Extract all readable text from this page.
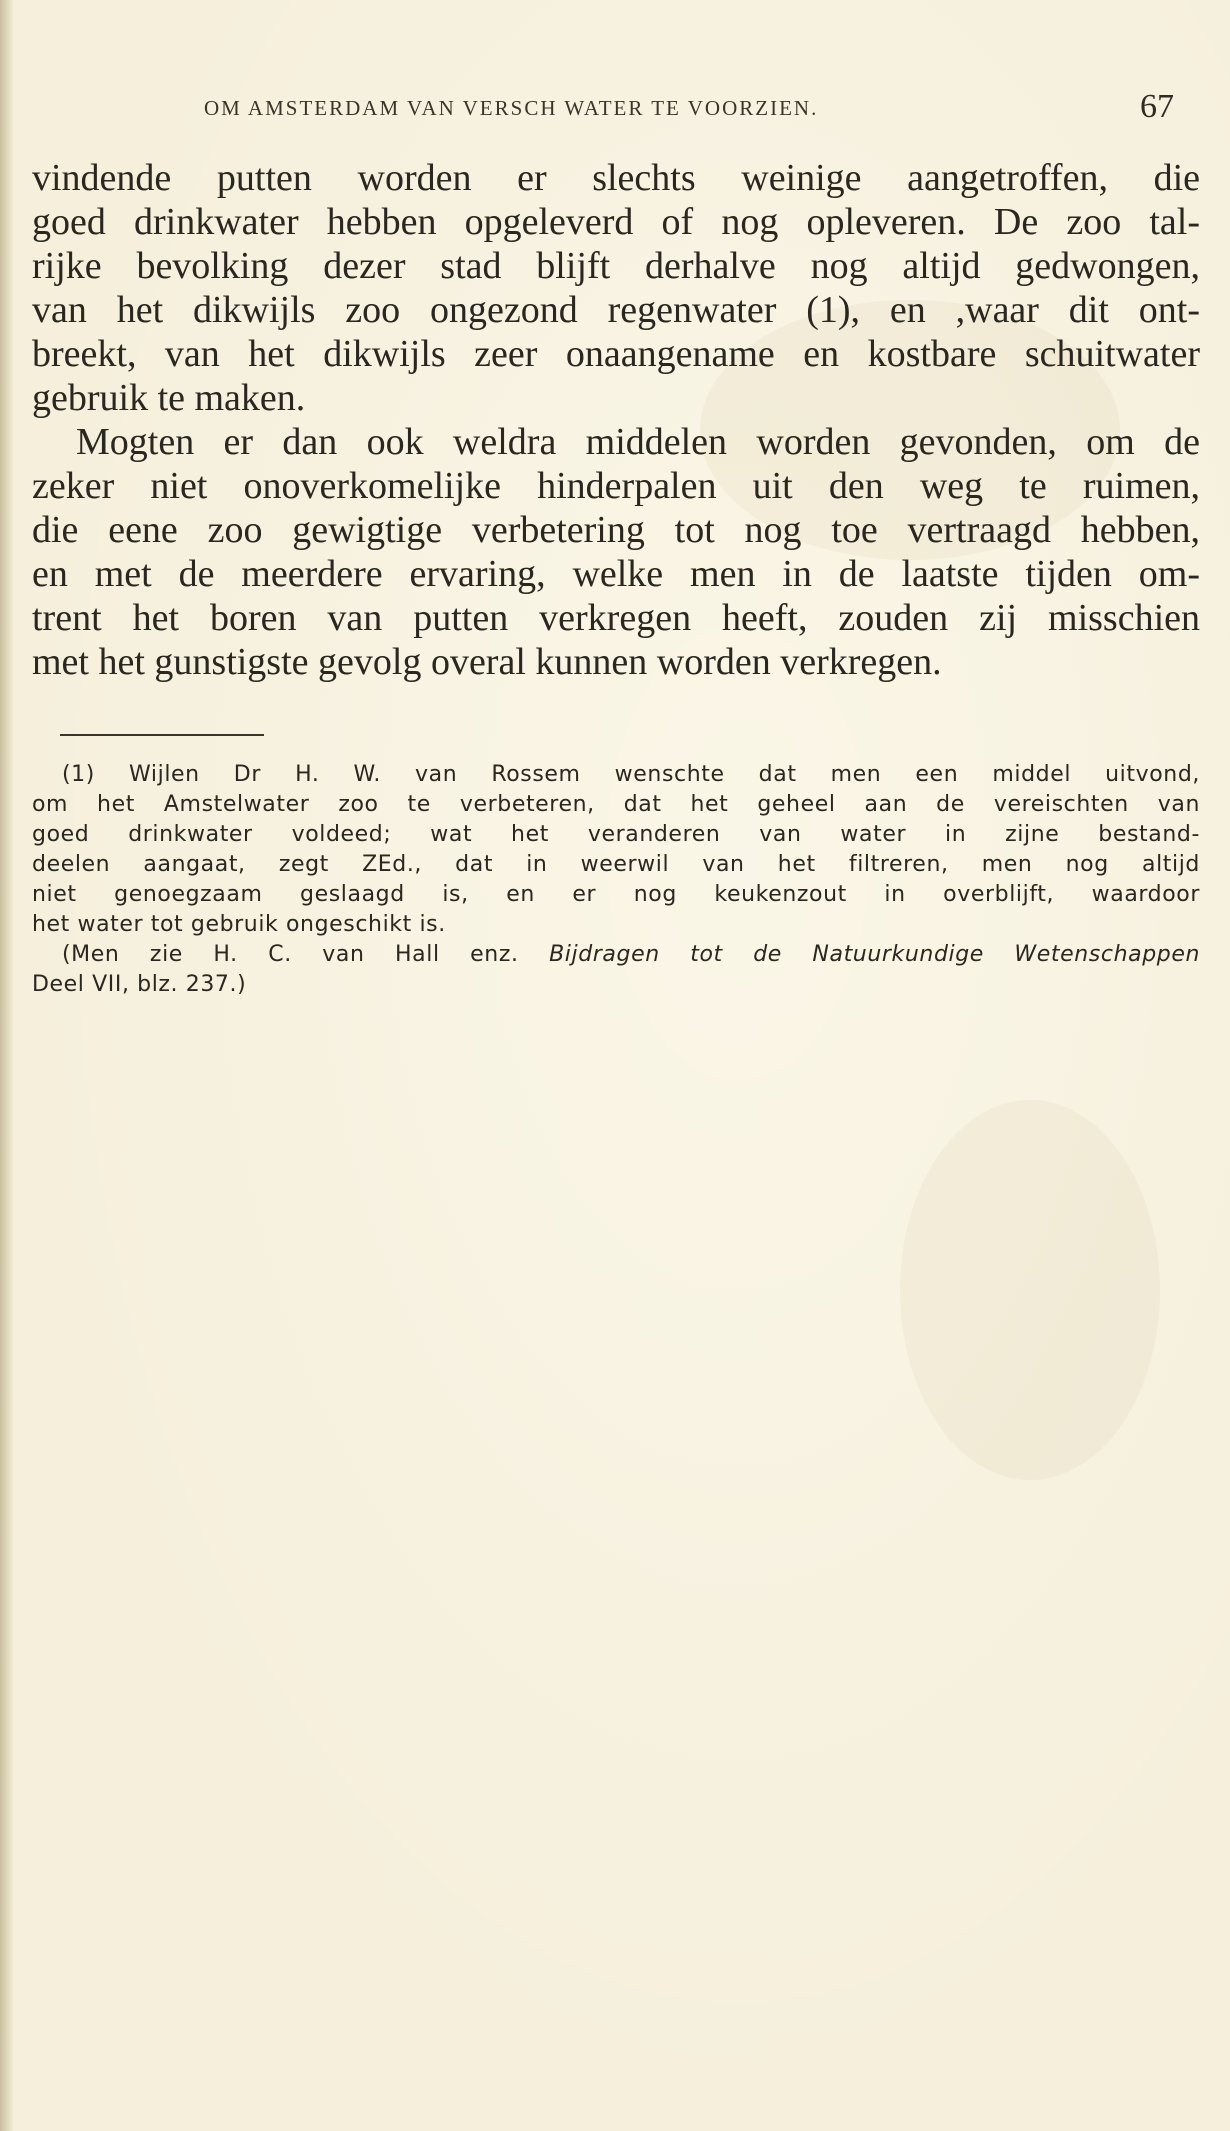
OM AMSTERDAM VAN VERSCH WATER TE VOORZIEN.	67
vindende putten worden er slechts weinige aangetroffen, die
goed drinkwater hebben opgeleverd of nog opleveren. De zoo tal-
rijke bevolking dezer stad blijft derhalve nog altijd gedwongen,
van het dikwijls zoo ongezond regenwater (1), en ,waar dit ont-
breekt, van het dikwijls zeer onaangename en kostbare schuitwater
gebruik te maken.
Mogten er dan ook weldra middelen worden gevonden, om de
zeker niet onoverkomelijke hinderpalen uit den weg te ruimen,
die eene zoo gewigtige verbetering tot nog toe vertraagd hebben,
en met de meerdere ervaring, welke men in de laatste tijden om-
trent het boren van putten verkregen heeft, zouden zij misschien
met het gunstigste gevolg overal kunnen worden verkregen.
(1) Wijlen Dr H. W. van Rossem wenschte dat men een middel uitvond,
om het Amstelwater zoo te verbeteren, dat het geheel aan de vereischten van
goed drinkwater voldeed; wat het veranderen van water in zijne bestand-
deelen aangaat, zegt ZEd., dat in weerwil van het filtreren, men nog altijd
niet genoegzaam geslaagd is, en er nog keukenzout in overblijft, waardoor
het water tot gebruik ongeschikt is.
(Men zie H. C. van Hall enz. Bijdragen tot de Natuurkundige Wetenschappen
Deel VII, blz. 237.)
